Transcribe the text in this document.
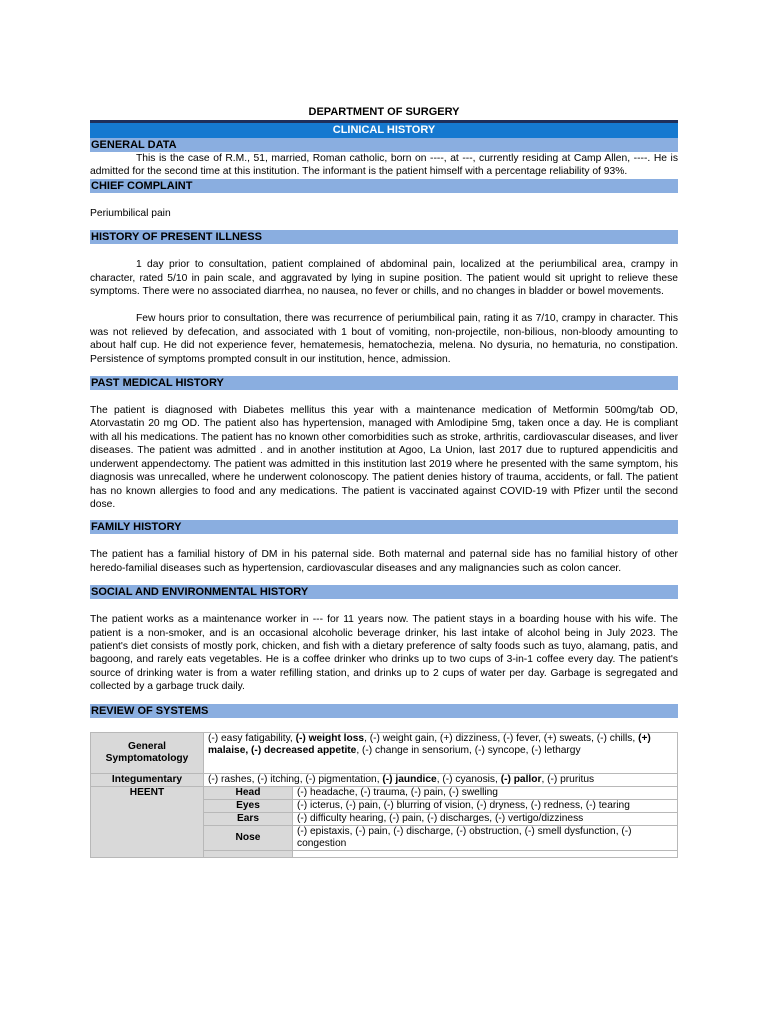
DEPARTMENT OF SURGERY
CLINICAL HISTORY
GENERAL DATA

This is the case of R.M., 51, married, Roman catholic, born on ----, at ---, currently residing at Camp Allen, ----. He is admitted for the second time at this institution. The informant is the patient himself with a percentage reliability of 93%.

CHIEF COMPLAINT

Periumbilical pain

HISTORY OF PRESENT ILLNESS

1 day prior to consultation, patient complained of abdominal pain, localized at the periumbilical area, crampy in character, rated 5/10 in pain scale, and aggravated by lying in supine position. The patient would sit upright to relieve these symptoms. There were no associated diarrhea, no nausea, no fever or chills, and no changes in bladder or bowel movements.

Few hours prior to consultation, there was recurrence of periumbilical pain, rating it as 7/10, crampy in character. This was not relieved by defecation, and associated with 1 bout of vomiting, non-projectile, non-bilious, non-bloody amounting to about half cup. He did not experience fever, hematemesis, hematochezia, melena. No dysuria, no hematuria, no constipation. Persistence of symptoms prompted consult in our institution, hence, admission.

PAST MEDICAL HISTORY

The patient is diagnosed with Diabetes mellitus this year with a maintenance medication of Metformin 500mg/tab OD, Atorvastatin 20 mg OD. The patient also has hypertension, managed with Amlodipine 5mg, taken once a day. He is compliant with all his medications. The patient has no known other comorbidities such as stroke, arthritis, cardiovascular diseases, and liver diseases. The patient was admitted . and in another institution at Agoo, La Union, last 2017 due to ruptured appendicitis and underwent appendectomy. The patient was admitted in this institution last 2019 where he presented with the same symptom, his diagnosis was unrecalled, where he underwent colonoscopy. The patient denies history of trauma, accidents, or fall. The patient has no known allergies to food and any medications. The patient is vaccinated against COVID-19 with Pfizer until the second dose.

FAMILY HISTORY

The patient has a familial history of DM in his paternal side. Both maternal and paternal side has no familial history of other heredo-familial diseases such as hypertension, cardiovascular diseases and any malignancies such as colon cancer.

SOCIAL AND ENVIRONMENTAL HISTORY

The patient works as a maintenance worker in --- for 11 years now. The patient stays in a boarding house with his wife. The patient is a non-smoker, and is an occasional alcoholic beverage drinker, his last intake of alcohol being in July 2023. The patient's diet consists of mostly pork, chicken, and fish with a dietary preference of salty foods such as tuyo, alamang, patis, and bagoong, and rarely eats vegetables. He is a coffee drinker who drinks up to two cups of 3-in-1 coffee every day. The patient's source of drinking water is from a water refilling station, and drinks up to 2 cups of water per day. Garbage is segregated and collected by a garbage truck daily.

REVIEW OF SYSTEMS
General Symptomatology	(-) easy fatigability, (-) weight loss, (-) weight gain, (+) dizziness, (-) fever, (+) sweats, (-) chills, (+) malaise, (-) decreased appetite, (-) change in sensorium, (-) syncope, (-) lethargy	
Integumentary	(-) rashes, (-) itching, (-) pigmentation, (-) jaundice, (-) cyanosis, (-) pallor, (-) pruritus	
HEENT	Head	(-) headache, (-) trauma, (-) pain, (-) swelling
	Eyes	(-) icterus, (-) pain, (-) blurring of vision, (-) dryness, (-) redness, (-) tearing
	Ears	(-) difficulty hearing, (-) pain, (-) discharges, (-) vertigo/dizziness
	Nose	(-) epistaxis, (-) pain, (-) discharge, (-) obstruction, (-) smell dysfunction, (-) congestion
